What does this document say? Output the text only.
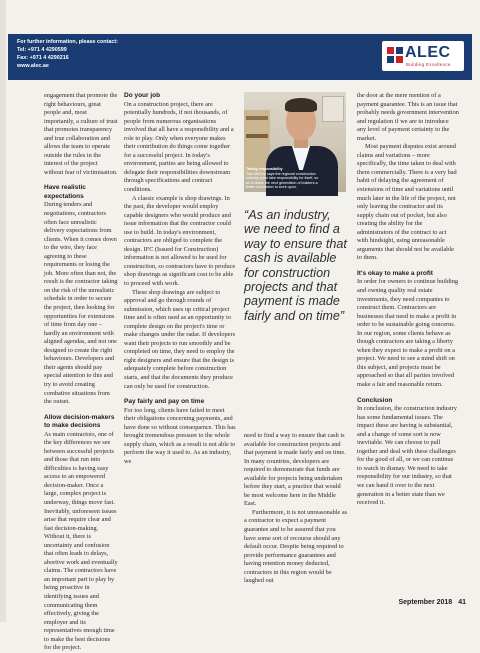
For further information, please contact:
Tel: +971 4 4290599
Fax: +971 4 4290216
www.alec.ae
ALEC
Building Excellence

engagement that promote the right behaviours, great people and, most importantly, a culture of trust that promotes transparency and true collaboration and allows the team to operate outside the rules in the interest of the project without fear of victimisation.

Have realistic expectations

During tenders and negotiations, contractors often face unrealistic delivery expectations from clients. When it comes down to the wire, they face agreeing to these requirements or losing the job. More often than not, the result is the contractor taking on the risk of the unrealistic schedule in order to secure the project, then looking for opportunities for extensions of time from day one – hardly an environment with aligned agendas, and not one designed to create the right behaviours. Developers and their agents should pay special attention to this and try to avoid creating combative situations from the outset.

Allow decision-makers to make decisions

As main contractors, one of the key differences we see between successful projects and those that run into difficulties is having easy access to an empowered decision-maker. Once a large, complex project is underway, things move fast. Inevitably, unforeseen issues arise that require clear and fast decision-making. Without it, there is uncertainty and confusion that often leads to delays, abortive work and eventually claims. The contractors have an important part to play by being proactive in identifying issues and communicating them effectively, giving the employer and its representatives enough time to make the best decisions for the project.

Do your job

On a construction project, there are potentially hundreds, if not thousands, of people from numerous organisations involved that all have a responsibility and a role to play. Only when everyone makes their contribution do things come together for a successful project. In today's environment, parties are being allowed to delegate their responsibilities downstream through specifications and contract conditions.

A classic example is shop drawings. In the past, the developer would employ capable designers who would produce and issue information that the contractor could use to build. In today's environment, contractors are obliged to complete the design. IFC (Issued for Construction) information is not allowed to be used for construction, so contractors have to produce shop drawings as significant cost to be able to proceed with work.

These shop drawings are subject to approval and go through rounds of submission, which uses up critical project time and is often used as an opportunity to complete design on the project's time or make changes under the radar. If developers want their projects to run smoothly and be completed on time, they need to employ the right designers and ensure that the design is adequately complete before construction starts, and that the documents they produce can only be used for construction.

Pay fairly and pay on time

For too long, clients have failed to meet their obligations concerning payments, and have done so without consequence. This has brought tremendous pressure to the whole supply chain, which as a result is not able to perform the way it used to. As an industry, we

Taking responsibility
Tom McGee says the regional construction industry must take responsibility for itself, so as to leave the next generation of builders a better foundation to work upon.
“As an industry, we need to find a way to ensure that cash is available for construction projects and that payment is made fairly and on time”

need to find a way to ensure that cash is available for construction projects and that payment is made fairly and on time. In many countries, developers are required to demonstrate that funds are available for projects being undertaken before they start, a practice that would be most welcome here in the Middle East.

Furthermore, it is not unreasonable as a contractor to expect a payment guarantee and to be assured that you have some sort of recourse should any default occur. Despite being required to provide performance guarantees and having retention money deducted, contractors in this region would be laughed out

the door at the mere mention of a payment guarantee. This is an issue that probably needs government intervention and regulation if we are to introduce any level of payment certainty to the market.

Most payment disputes exist around claims and variations – more specifically, the time taken to deal with them commercially. There is a very bad habit of delaying the agreement of extensions of time and variations until much later in the life of the project, not only leaving the contractor and its supply chain out of pocket, but also creating the ability for the administrators of the contract to act with hindsight, using unreasonable arguments that should not be available to them.

It's okay to make a profit

In order for owners to continue building and owning quality real estate investments, they need companies to construct them. Contractors are businesses that need to make a profit in order to be sustainable going concerns. In our region, some clients behave as though contractors are taking a liberty when they expect to make a profit on a project. We need to see a mind shift on this subject, and projects must be approached so that all parties involved make a fair and reasonable return.

Conclusion

In conclusion, the construction industry has some fundamental issues. The impact these are having is substantial, and a change of some sort is now inevitable. We can choose to pull together and deal with these challenges for the good of all, or we can continue to watch in dismay. We need to take responsibility for our industry, so that we can hand it over to the next generation in a better state than we received it.

September 2018 41
